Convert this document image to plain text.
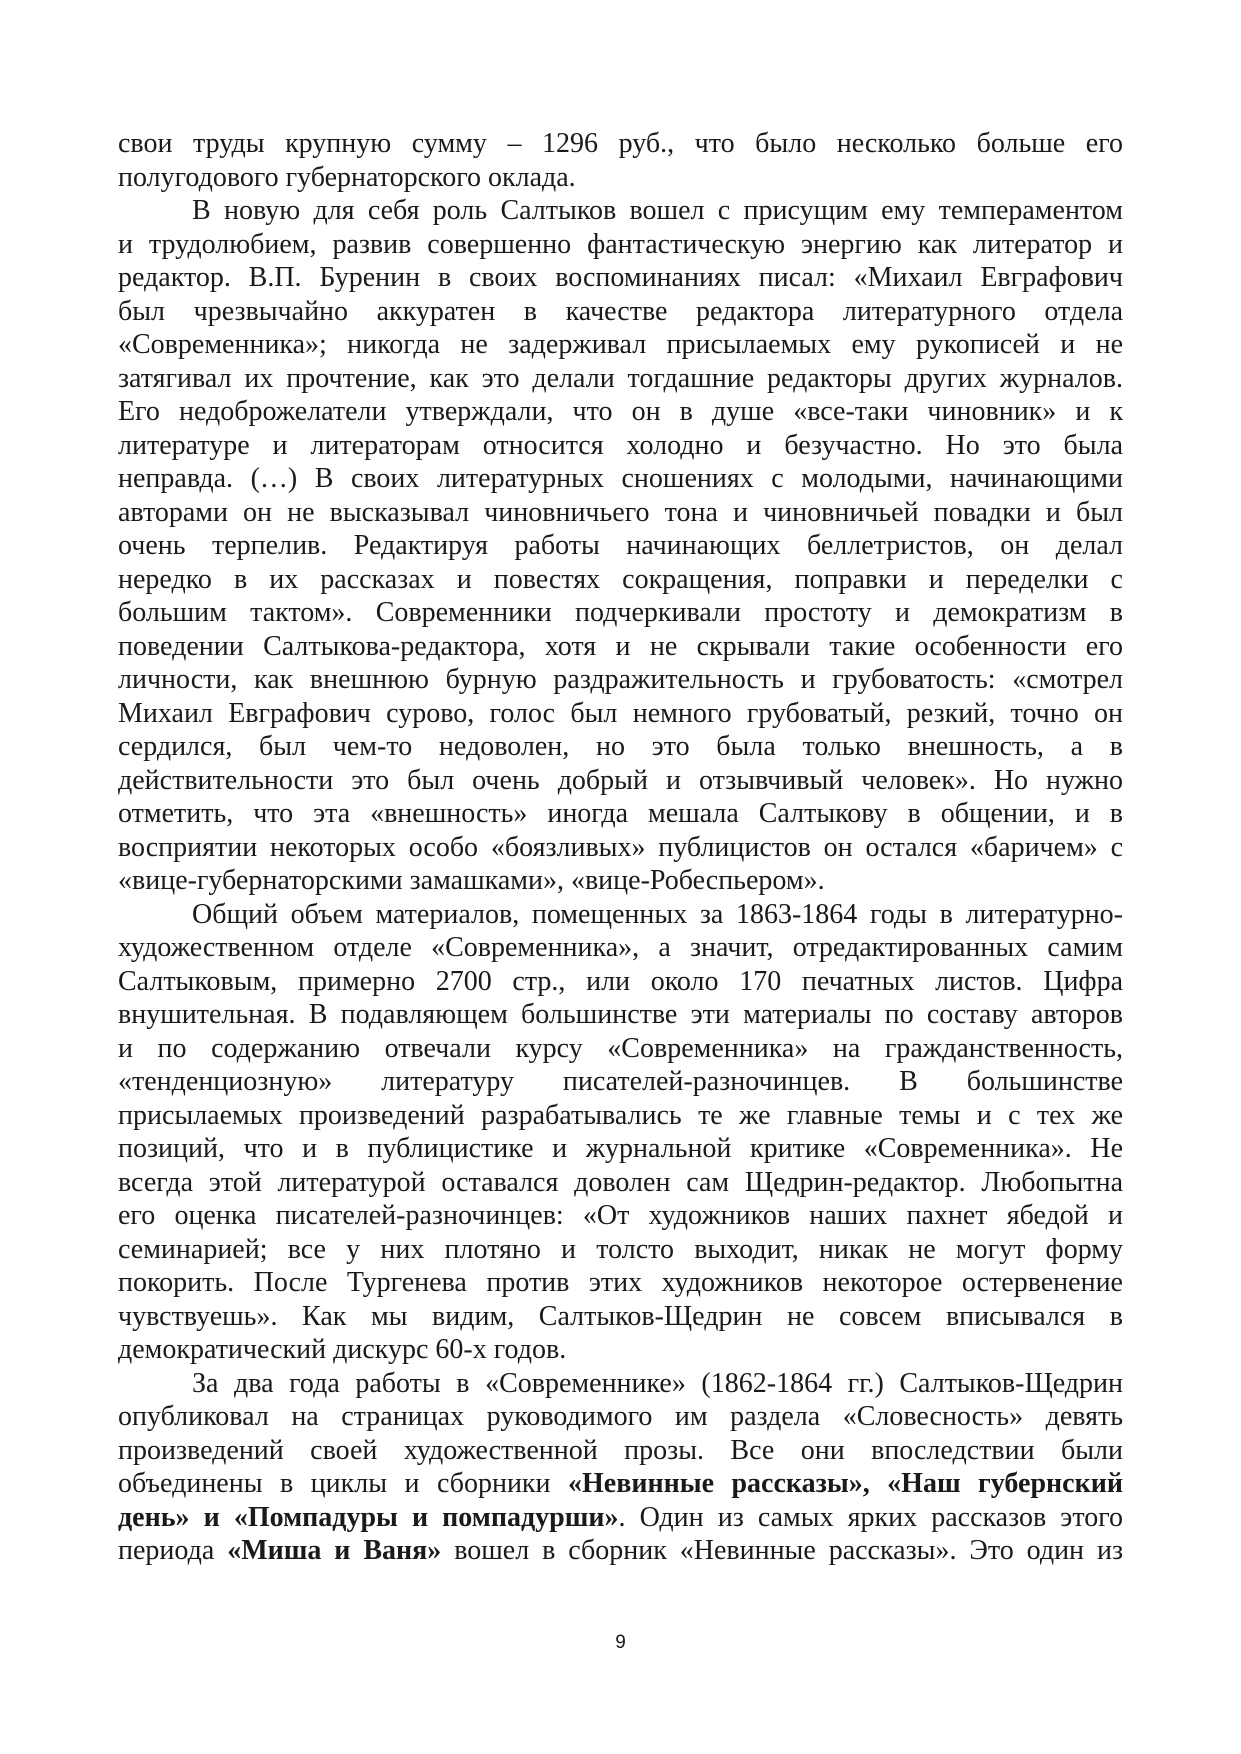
свои труды крупную сумму – 1296 руб., что было несколько больше его
полугодового губернаторского оклада.
В новую для себя роль Салтыков вошел с присущим ему темпераментом
и трудолюбием, развив совершенно фантастическую энергию как литератор и
редактор. В.П. Буренин в своих воспоминаниях писал: «Михаил Евграфович
был чрезвычайно аккуратен в качестве редактора литературного отдела
«Современника»; никогда не задерживал присылаемых ему рукописей и не
затягивал их прочтение, как это делали тогдашние редакторы других журналов.
Его недоброжелатели утверждали, что он в душе «все-таки чиновник» и к
литературе и литераторам относится холодно и безучастно. Но это была
неправда. (…) В своих литературных сношениях с молодыми, начинающими
авторами он не высказывал чиновничьего тона и чиновничьей повадки и был
очень терпелив. Редактируя работы начинающих беллетристов, он делал
нередко в их рассказах и повестях сокращения, поправки и переделки с
большим тактом». Современники подчеркивали простоту и демократизм в
поведении Салтыкова-редактора, хотя и не скрывали такие особенности его
личности, как внешнюю бурную раздражительность и грубоватость: «смотрел
Михаил Евграфович сурово, голос был немного грубоватый, резкий, точно он
сердился, был чем-то недоволен, но это была только внешность, а в
действительности это был очень добрый и отзывчивый человек». Но нужно
отметить, что эта «внешность» иногда мешала Салтыкову в общении, и в
восприятии некоторых особо «боязливых» публицистов он остался «баричем» с
«вице-губернаторскими замашками», «вице-Робеспьером».
Общий объем материалов, помещенных за 1863-1864 годы в литературно-
художественном отделе «Современника», а значит, отредактированных самим
Салтыковым, примерно 2700 стр., или около 170 печатных листов. Цифра
внушительная. В подавляющем большинстве эти материалы по составу авторов
и по содержанию отвечали курсу «Современника» на гражданственность,
«тенденциозную» литературу писателей-разночинцев. В большинстве
присылаемых произведений разрабатывались те же главные темы и с тех же
позиций, что и в публицистике и журнальной критике «Современника». Не
всегда этой литературой оставался доволен сам Щедрин-редактор. Любопытна
его оценка писателей-разночинцев: «От художников наших пахнет ябедой и
семинарией; все у них плотяно и толсто выходит, никак не могут форму
покорить. После Тургенева против этих художников некоторое остервенение
чувствуешь». Как мы видим, Салтыков-Щедрин не совсем вписывался в
демократический дискурс 60-х годов.
За два года работы в «Современнике» (1862-1864 гг.) Салтыков-Щедрин
опубликовал на страницах руководимого им раздела «Словесность» девять
произведений своей художественной прозы. Все они впоследствии были
объединены в циклы и сборники «Невинные рассказы», «Наш губернский
день» и «Помпадуры и помпадурши». Один из самых ярких рассказов этого
периода «Миша и Ваня» вошел в сборник «Невинные рассказы». Это один из
9
